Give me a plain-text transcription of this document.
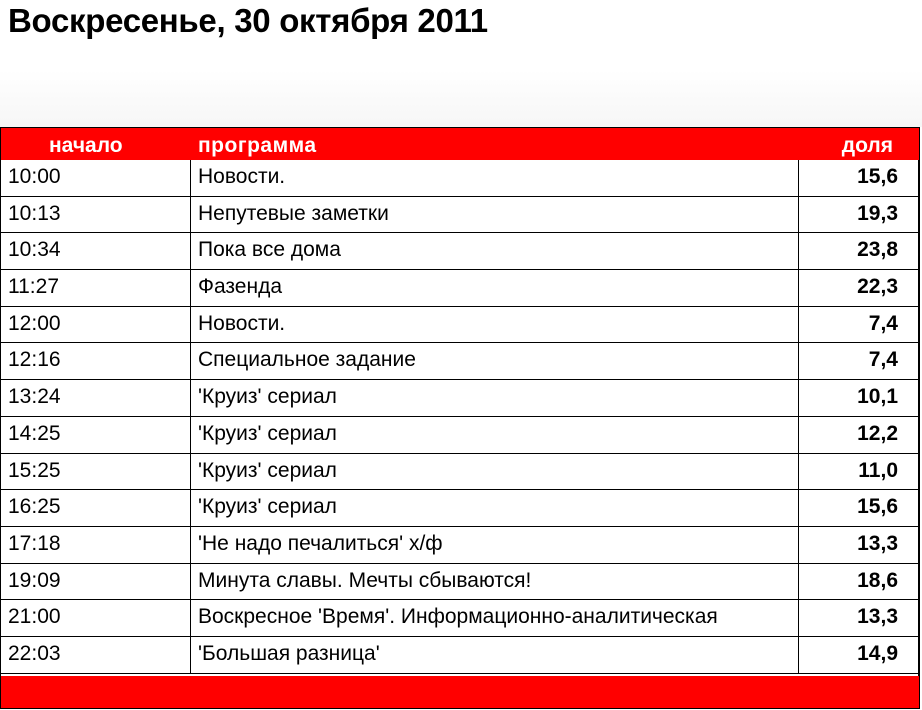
Воскресенье, 30 октября 2011
начало	программа	доля
10:00	Новости.	15,6
10:13	Непутевые заметки	19,3
10:34	Пока все дома	23,8
11:27	Фазенда	22,3
12:00	Новости.	7,4
12:16	Специальное задание	7,4
13:24	'Круиз' сериал	10,1
14:25	'Круиз' сериал	12,2
15:25	'Круиз' сериал	11,0
16:25	'Круиз' сериал	15,6
17:18	'Не надо печалиться' х/ф	13,3
19:09	Минута славы. Мечты сбываются!	18,6
21:00	Воскресное 'Время'. Информационно-аналитическая	13,3
22:03	'Большая разница'	14,9
